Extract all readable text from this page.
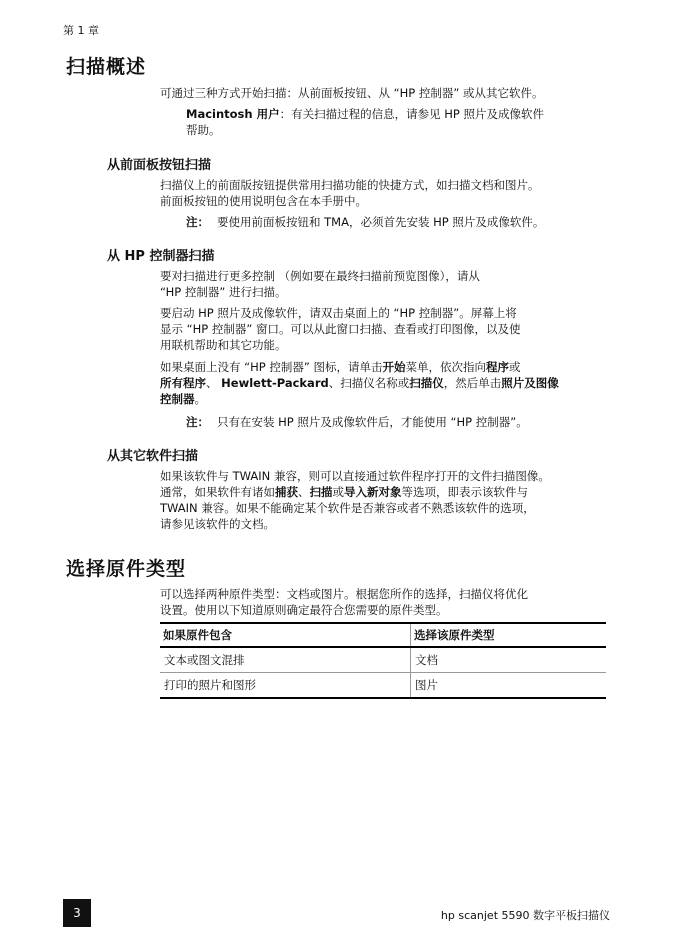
第 1 章
扫描概述
可通过三种方式开始扫描：从前面板按钮、从 “HP 控制器” 或从其它软件。
Macintosh 用户：有关扫描过程的信息，请参见 HP 照片及成像软件
帮助。
从前面板按钮扫描
扫描仪上的前面版按钮提供常用扫描功能的快捷方式，如扫描文档和图片。
前面板按钮的使用说明包含在本手册中。
注： 要使用前面板按钮和 TMA，必须首先安装 HP 照片及成像软件。
从 HP 控制器扫描
要对扫描进行更多控制 （例如要在最终扫描前预览图像），请从
“HP 控制器” 进行扫描。
要启动 HP 照片及成像软件，请双击桌面上的 “HP 控制器”。屏幕上将
显示 “HP 控制器” 窗口。可以从此窗口扫描、查看或打印图像，以及使
用联机帮助和其它功能。
如果桌面上没有 “HP 控制器” 图标，请单击开始菜单，依次指向程序或
所有程序、 Hewlett-Packard、扫描仪名称或扫描仪，然后单击照片及图像
控制器。
注： 只有在安装 HP 照片及成像软件后，才能使用 “HP 控制器”。
从其它软件扫描
如果该软件与 TWAIN 兼容，则可以直接通过软件程序打开的文件扫描图像。
通常，如果软件有诸如捕获、扫描或导入新对象等选项，即表示该软件与
TWAIN 兼容。如果不能确定某个软件是否兼容或者不熟悉该软件的选项，
请参见该软件的文档。
选择原件类型
可以选择两种原件类型：文档或图片。根据您所作的选择，扫描仪将优化
设置。使用以下知道原则确定最符合您需要的原件类型。
如果原件包含	选择该原件类型
文本或图文混排	文档
打印的照片和图形	图片
3	hp scanjet 5590 数字平板扫描仪
